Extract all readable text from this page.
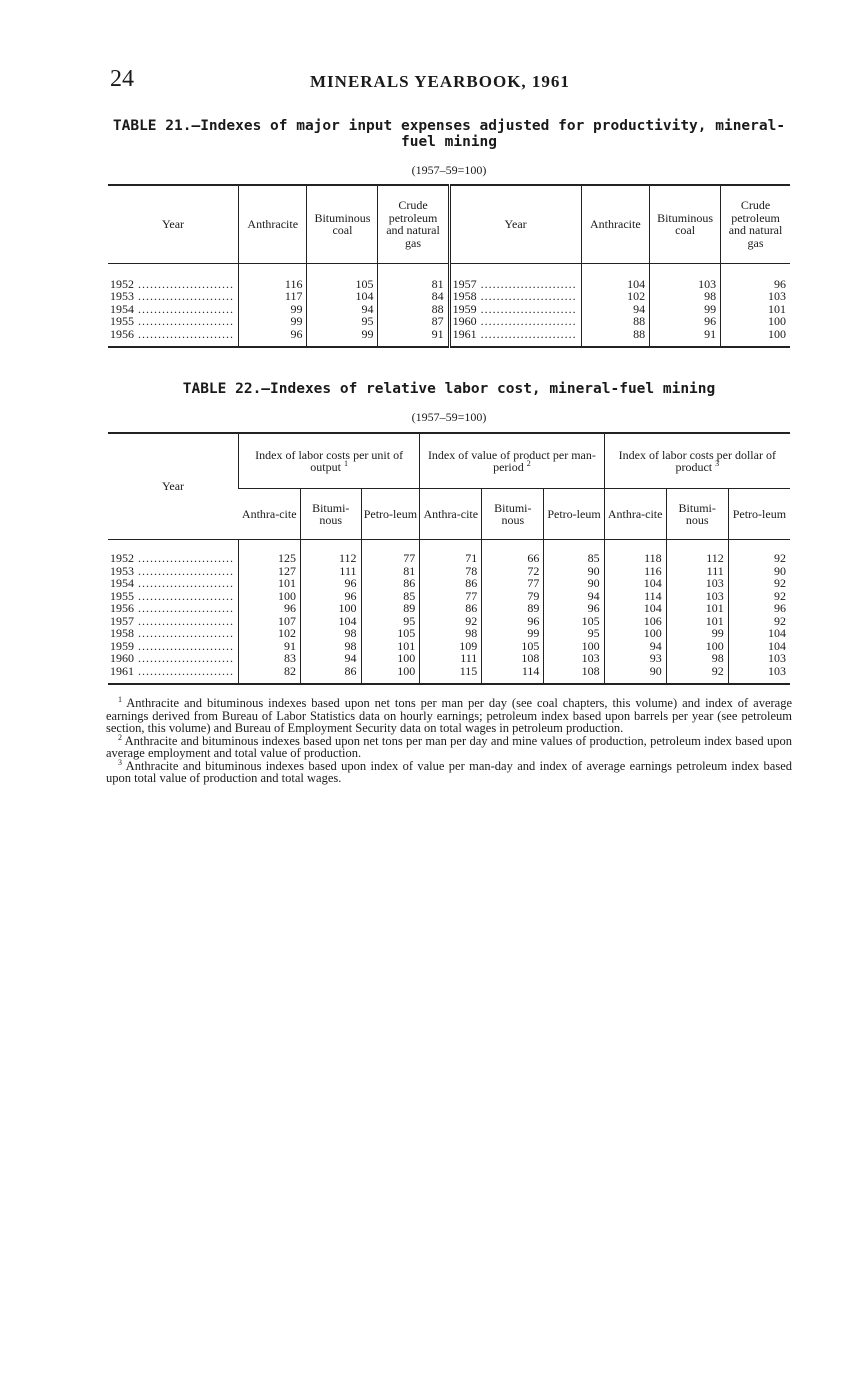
24	MINERALS YEARBOOK, 1961
TABLE 21.—Indexes of major input expenses adjusted for productivity, mineral-fuel mining
(1957–59=100)
Year	Anthracite	Bituminous coal	Crude petroleum and natural gas	Year	Anthracite	Bituminous coal	Crude petroleum and natural gas
1952 .....	116	105	81	1957 .....	104	103	96
1953 .....	117	104	84	1958 .....	102	98	103
1954 .....	99	94	88	1959 .....	94	99	101
1955 .....	99	95	87	1960 .....	88	96	100
1956 .....	96	99	91	1961 .....	88	91	100
TABLE 22.—Indexes of relative labor cost, mineral-fuel mining
(1957–59=100)
Year	Index of labor costs per unit of output $^1$			Index of value of product per man-period $^2$			Index of labor costs per dollar of product $^3$
	Anthra-cite	Bitumi-nous	Petro-leum	Anthra-cite	Bitumi-nous	Petro-leum	Anthra-cite	Bitumi-nous	Petro-leum
1952 .....	125	112	77	71	66	85	118	112	92
1953 .....	127	111	81	78	72	90	116	111	90
1954 .....	101	96	86	86	77	90	104	103	92
1955 .....	100	96	85	77	79	94	114	103	92
1956 .....	96	100	89	86	89	96	104	101	96
1957 .....	107	104	95	92	96	105	106	101	92
1958 .....	102	98	105	98	99	95	100	99	104
1959 .....	91	98	101	109	105	100	94	100	104
1960 .....	83	94	100	111	108	103	93	98	103
1961 .....	82	86	100	115	114	108	90	92	103

$^1$ Anthracite and bituminous indexes based upon net tons per man per day (see coal chapters, this volume) and index of average earnings derived from Bureau of Labor Statistics data on hourly earnings; petroleum index based upon barrels per year (see petroleum section, this volume) and Bureau of Employment Security data on total wages in petroleum production.

$^2$ Anthracite and bituminous indexes based upon net tons per man per day and mine values of production, petroleum index based upon average employment and total value of production.

$^3$ Anthracite and bituminous indexes based upon index of value per man-day and index of average earnings petroleum index based upon total value of production and total wages.
